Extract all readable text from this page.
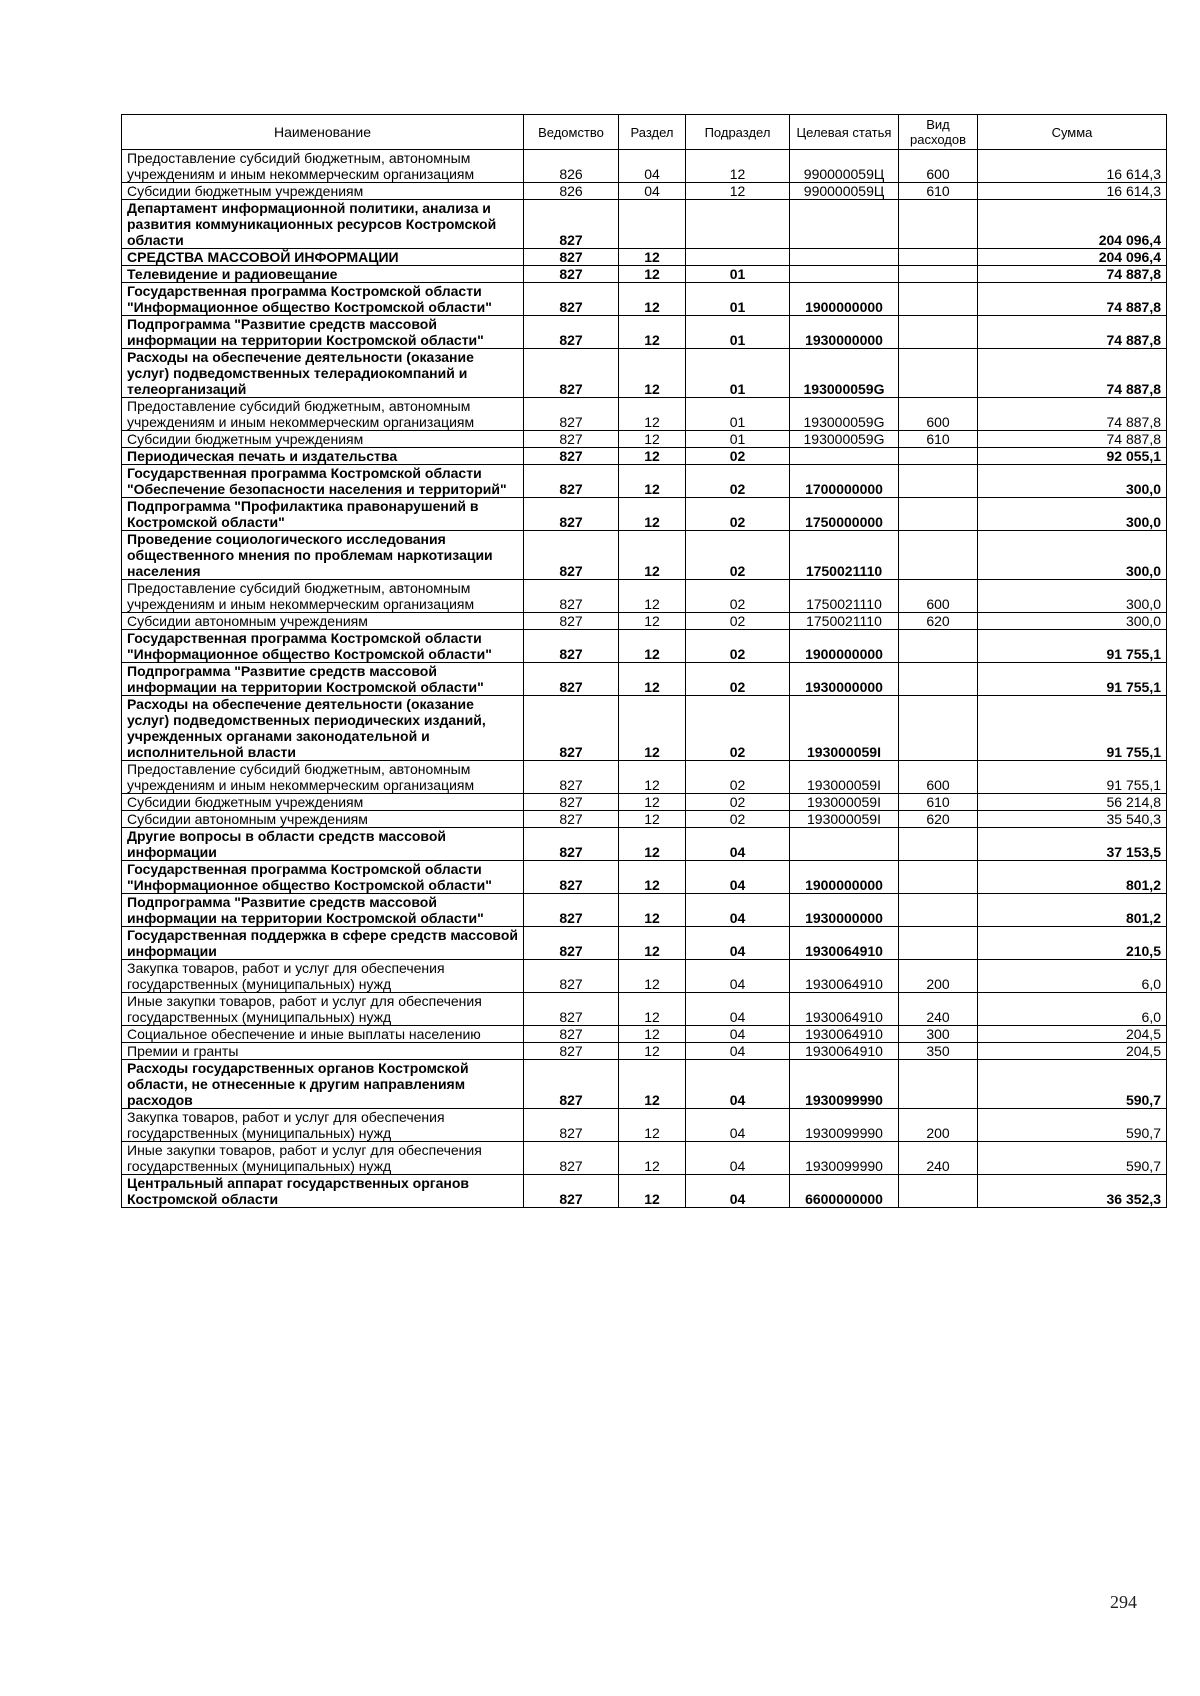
Наименование	Ведомство	Раздел	Подраздел	Целевая статья	Вид расходов	Сумма
Предоставление субсидий бюджетным, автономным учреждениям и иным некоммерческим организациям	826	04	12	990000059Ц	600	16 614,3
Субсидии бюджетным учреждениям	826	04	12	990000059Ц	610	16 614,3
Департамент информационной политики, анализа и развития коммуникационных ресурсов Костромской области	827					204 096,4
СРЕДСТВА МАССОВОЙ ИНФОРМАЦИИ	827	12				204 096,4
Телевидение и радиовещание	827	12	01			74 887,8
Государственная программа Костромской области "Информационное общество Костромской области"	827	12	01	1900000000		74 887,8
Подпрограмма "Развитие средств массовой информации на территории Костромской области"	827	12	01	1930000000		74 887,8
Расходы на обеспечение деятельности (оказание услуг) подведомственных телерадиокомпаний и телеорганизаций	827	12	01	193000059G		74 887,8
Предоставление субсидий бюджетным, автономным учреждениям и иным некоммерческим организациям	827	12	01	193000059G	600	74 887,8
Субсидии бюджетным учреждениям	827	12	01	193000059G	610	74 887,8
Периодическая печать и издательства	827	12	02			92 055,1
Государственная программа Костромской области "Обеспечение безопасности населения и территорий"	827	12	02	1700000000		300,0
Подпрограмма "Профилактика правонарушений в Костромской области"	827	12	02	1750000000		300,0
Проведение социологического исследования общественного мнения по проблемам наркотизации населения	827	12	02	1750021110		300,0
Предоставление субсидий бюджетным, автономным учреждениям и иным некоммерческим организациям	827	12	02	1750021110	600	300,0
Субсидии автономным учреждениям	827	12	02	1750021110	620	300,0
Государственная программа Костромской области "Информационное общество Костромской области"	827	12	02	1900000000		91 755,1
Подпрограмма "Развитие средств массовой информации на территории Костромской области"	827	12	02	1930000000		91 755,1
Расходы на обеспечение деятельности (оказание услуг) подведомственных периодических изданий, учрежденных органами законодательной и исполнительной власти	827	12	02	193000059I		91 755,1
Предоставление субсидий бюджетным, автономным учреждениям и иным некоммерческим организациям	827	12	02	193000059I	600	91 755,1
Субсидии бюджетным учреждениям	827	12	02	193000059I	610	56 214,8
Субсидии автономным учреждениям	827	12	02	193000059I	620	35 540,3
Другие вопросы в области средств массовой информации	827	12	04			37 153,5
Государственная программа Костромской области "Информационное общество Костромской области"	827	12	04	1900000000		801,2
Подпрограмма "Развитие средств массовой информации на территории Костромской области"	827	12	04	1930000000		801,2
Государственная поддержка в сфере средств массовой информации	827	12	04	1930064910		210,5
Закупка товаров, работ и услуг для обеспечения государственных (муниципальных) нужд	827	12	04	1930064910	200	6,0
Иные закупки товаров, работ и услуг для обеспечения государственных (муниципальных) нужд	827	12	04	1930064910	240	6,0
Социальное обеспечение и иные выплаты населению	827	12	04	1930064910	300	204,5
Премии и гранты	827	12	04	1930064910	350	204,5
Расходы государственных органов Костромской области, не отнесенные к другим направлениям расходов	827	12	04	1930099990		590,7
Закупка товаров, работ и услуг для обеспечения государственных (муниципальных) нужд	827	12	04	1930099990	200	590,7
Иные закупки товаров, работ и услуг для обеспечения государственных (муниципальных) нужд	827	12	04	1930099990	240	590,7
Центральный аппарат государственных органов Костромской области	827	12	04	6600000000		36 352,3
294
